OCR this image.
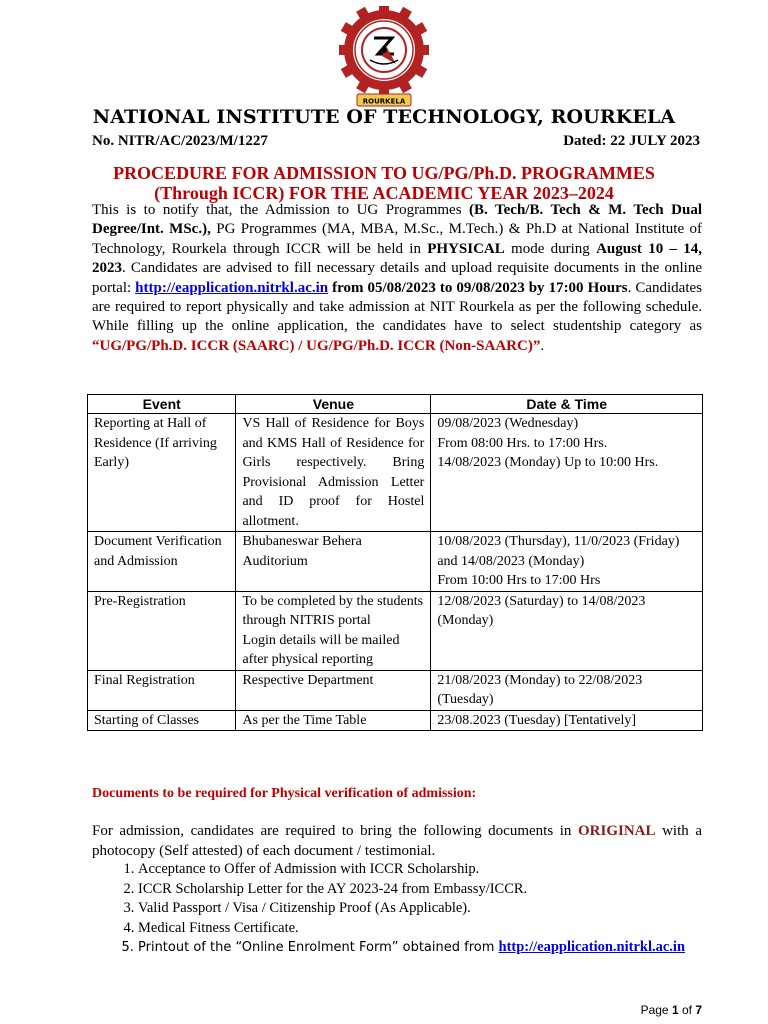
ROURKELA
NATIONAL INSTITUTE OF TECHNOLOGY, ROURKELA
No. NITR/AC/2023/M/1227	Dated: 22 JULY 2023
PROCEDURE FOR ADMISSION TO UG/PG/Ph.D. PROGRAMMES
(Through ICCR) FOR THE ACADEMIC YEAR 2023–2024
This is to notify that, the Admission to UG Programmes (B. Tech/B. Tech & M. Tech Dual Degree/Int. MSc.), PG Programmes (MA, MBA, M.Sc., M.Tech.) & Ph.D at National Institute of Technology, Rourkela through ICCR will be held in PHYSICAL mode during August 10 – 14, 2023. Candidates are advised to fill necessary details and upload requisite documents in the online portal: http://eapplication.nitrkl.ac.in from 05/08/2023 to 09/08/2023 by 17:00 Hours. Candidates are required to report physically and take admission at NIT Rourkela as per the following schedule. While filling up the online application, the candidates have to select studentship category as “UG/PG/Ph.D. ICCR (SAARC) / UG/PG/Ph.D. ICCR (Non-SAARC)”.
Event	Venue	Date & Time
Reporting at Hall of Residence (If arriving Early)	VS Hall of Residence for Boys and KMS Hall of Residence for Girls respectively. Bring Provisional Admission Letter and ID proof for Hostel allotment.	09/08/2023 (Wednesday)
From 08:00 Hrs. to 17:00 Hrs.
14/08/2023 (Monday) Up to 10:00 Hrs.

Document Verification and Admission	Bhubaneswar Behera Auditorium	10/08/2023 (Thursday), 11/0/2023 (Friday) and 14/08/2023 (Monday)
From 10:00 Hrs to 17:00 Hrs

Pre-Registration	To be completed by the students through NITRIS portal
Login details will be mailed after physical reporting	12/08/2023 (Saturday) to 14/08/2023 (Monday)

Final Registration	Respective Department	21/08/2023 (Monday) to 22/08/2023 (Tuesday)

Starting of Classes	As per the Time Table	23/08.2023 (Tuesday) [Tentatively]
Documents to be required for Physical verification of admission:
For admission, candidates are required to bring the following documents in ORIGINAL with a photocopy (Self attested) of each document / testimonial.
1. Acceptance to Offer of Admission with ICCR Scholarship.
2. ICCR Scholarship Letter for the AY 2023-24 from Embassy/ICCR.
3. Valid Passport / Visa / Citizenship Proof (As Applicable).
4. Medical Fitness Certificate.
5. Printout of the “Online Enrolment Form” obtained from http://eapplication.nitrkl.ac.in
Page 1 of 7
